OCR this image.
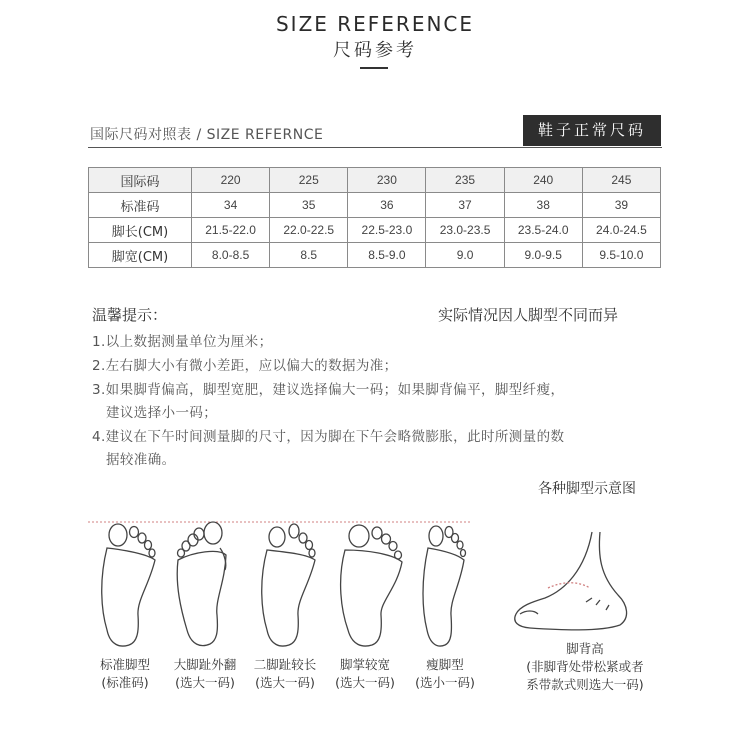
SIZE REFERENCE
尺码参考
国际尺码对照表 / SIZE REFERNCE	鞋子正常尺码
国际码	220	225	230	235	240	245
标准码	34	35	36	37	38	39
脚长(CM)	21.5-22.0	22.0-22.5	22.5-23.0	23.0-23.5	23.5-24.0	24.0-24.5
脚宽(CM)	8.0-8.5	8.5	8.5-9.0	9.0	9.0-9.5	9.5-10.0
温馨提示：	实际情况因人脚型不同而异
1.以上数据测量单位为厘米；
2.左右脚大小有微小差距，应以偏大的数据为准；
3.如果脚背偏高，脚型宽肥，建议选择偏大一码；如果脚背偏平，脚型纤瘦，
建议选择小一码；
4.建议在下午时间测量脚的尺寸，因为脚在下午会略微膨胀，此时所测量的数
据较准确。
各种脚型示意图
标准脚型
(标准码)
大脚趾外翻
(选大一码)
二脚趾较长
(选大一码)
脚掌较宽
(选大一码)
瘦脚型
(选小一码)
脚背高
(非脚背处带松紧或者
系带款式则选大一码)
